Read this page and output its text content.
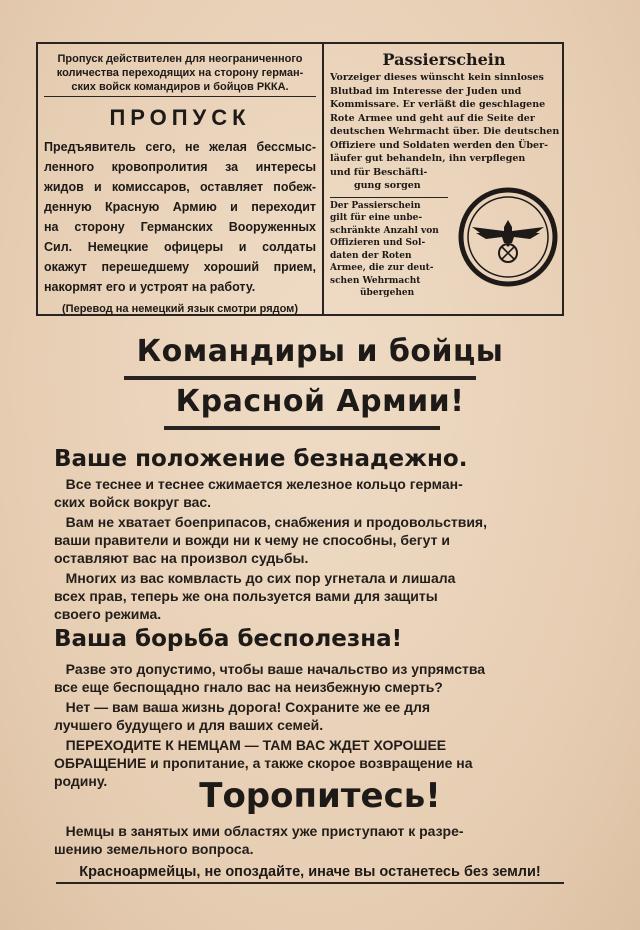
Пропуск действителен для неограниченного
количества переходящих на сторону герман-
ских войск командиров и бойцов РККА.
ПРОПУСК
Предъявитель сего, не желая бессмыс-
ленного кровопролития за интересы
жидов и комиссаров, оставляет побеж-
денную Красную Армию и переходит
на сторону Германских Вооруженных
Сил. Немецкие офицеры и солдаты
окажут перешедшему хороший прием,
накормят его и устроят на работу.
(Перевод на немецкий язык смотри рядом)
Passierschein
Vorzeiger dieses wünscht kein sinnloses
Blutbad im Interesse der Juden und
Kommissare. Er verläßt die geschlagene
Rote Armee und geht auf die Seite der
deutschen Wehrmacht über. Die deutschen
Offiziere und Soldaten werden den Über-
läufer gut behandeln, ihn verpflegen
und für Beschäfti-
gung sorgen
Der Passierschein
gilt für eine unbe-
schränkte Anzahl von
Offizieren und Sol-
daten der Roten
Armee, die zur deut-
schen Wehrmacht
übergehen
Командиры и бойцы
Красной Армии!
Ваше положение безнадежно.
Все теснее и теснее сжимается железное кольцо герман-
ских войск вокруг вас.
Вам не хватает боеприпасов, снабжения и продовольствия,
ваши правители и вожди ни к чему не способны, бегут и
оставляют вас на произвол судьбы.
Многих из вас комвласть до сих пор угнетала и лишала
всех прав, теперь же она пользуется вами для защиты
своего режима.
Ваша борьба бесполезна!
Разве это допустимо, чтобы ваше начальство из упрямства
все еще беспощадно гнало вас на неизбежную смерть?
Нет — вам ваша жизнь дорога! Сохраните же ее для
лучшего будущего и для ваших семей.
ПЕРЕХОДИТЕ К НЕМЦАМ — ТАМ ВАС ЖДЕТ ХОРОШЕЕ
ОБРАЩЕНИЕ и пропитание, а также скорое возвращение на
родину.	Торопитесь!
Немцы в занятых ими областях уже приступают к разре-
шению земельного вопроса.
Красноармейцы, не опоздайте, иначе вы останетесь без земли!
